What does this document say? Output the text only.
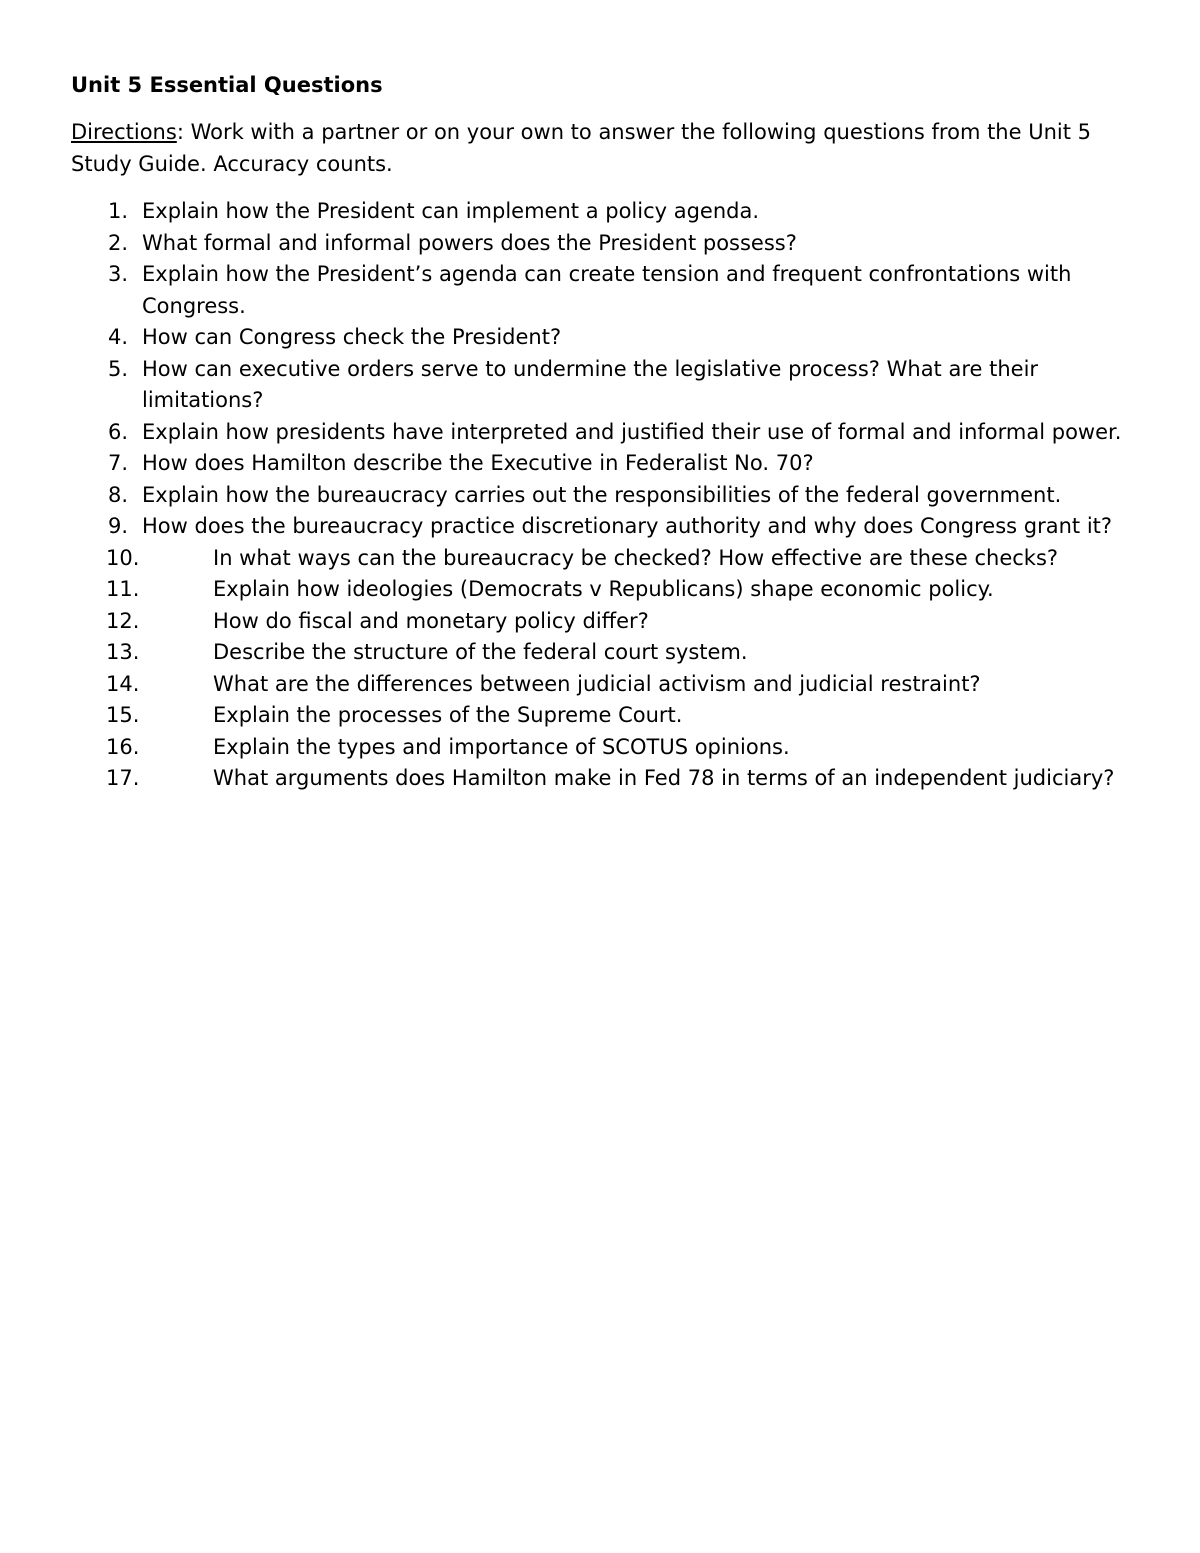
Unit 5 Essential Questions

Directions: Work with a partner or on your own to answer the following questions from the Unit 5 Study Guide. Accuracy counts.

1. Explain how the President can implement a policy agenda.
2. What formal and informal powers does the President possess?
3. Explain how the President’s agenda can create tension and frequent confrontations with Congress.
4. How can Congress check the President?
5. How can executive orders serve to undermine the legislative process? What are their limitations?
6. Explain how presidents have interpreted and justified their use of formal and informal power.
7. How does Hamilton describe the Executive in Federalist No. 70?
8. Explain how the bureaucracy carries out the responsibilities of the federal government.
9. How does the bureaucracy practice discretionary authority and why does Congress grant it?
10.	In what ways can the bureaucracy be checked? How effective are these checks?
11.	Explain how ideologies (Democrats v Republicans) shape economic policy.
12.	How do fiscal and monetary policy differ?
13.	Describe the structure of the federal court system.
14.	What are the differences between judicial activism and judicial restraint?
15.	Explain the processes of the Supreme Court.
16.	Explain the types and importance of SCOTUS opinions.
17.	What arguments does Hamilton make in Fed 78 in terms of an independent judiciary?
